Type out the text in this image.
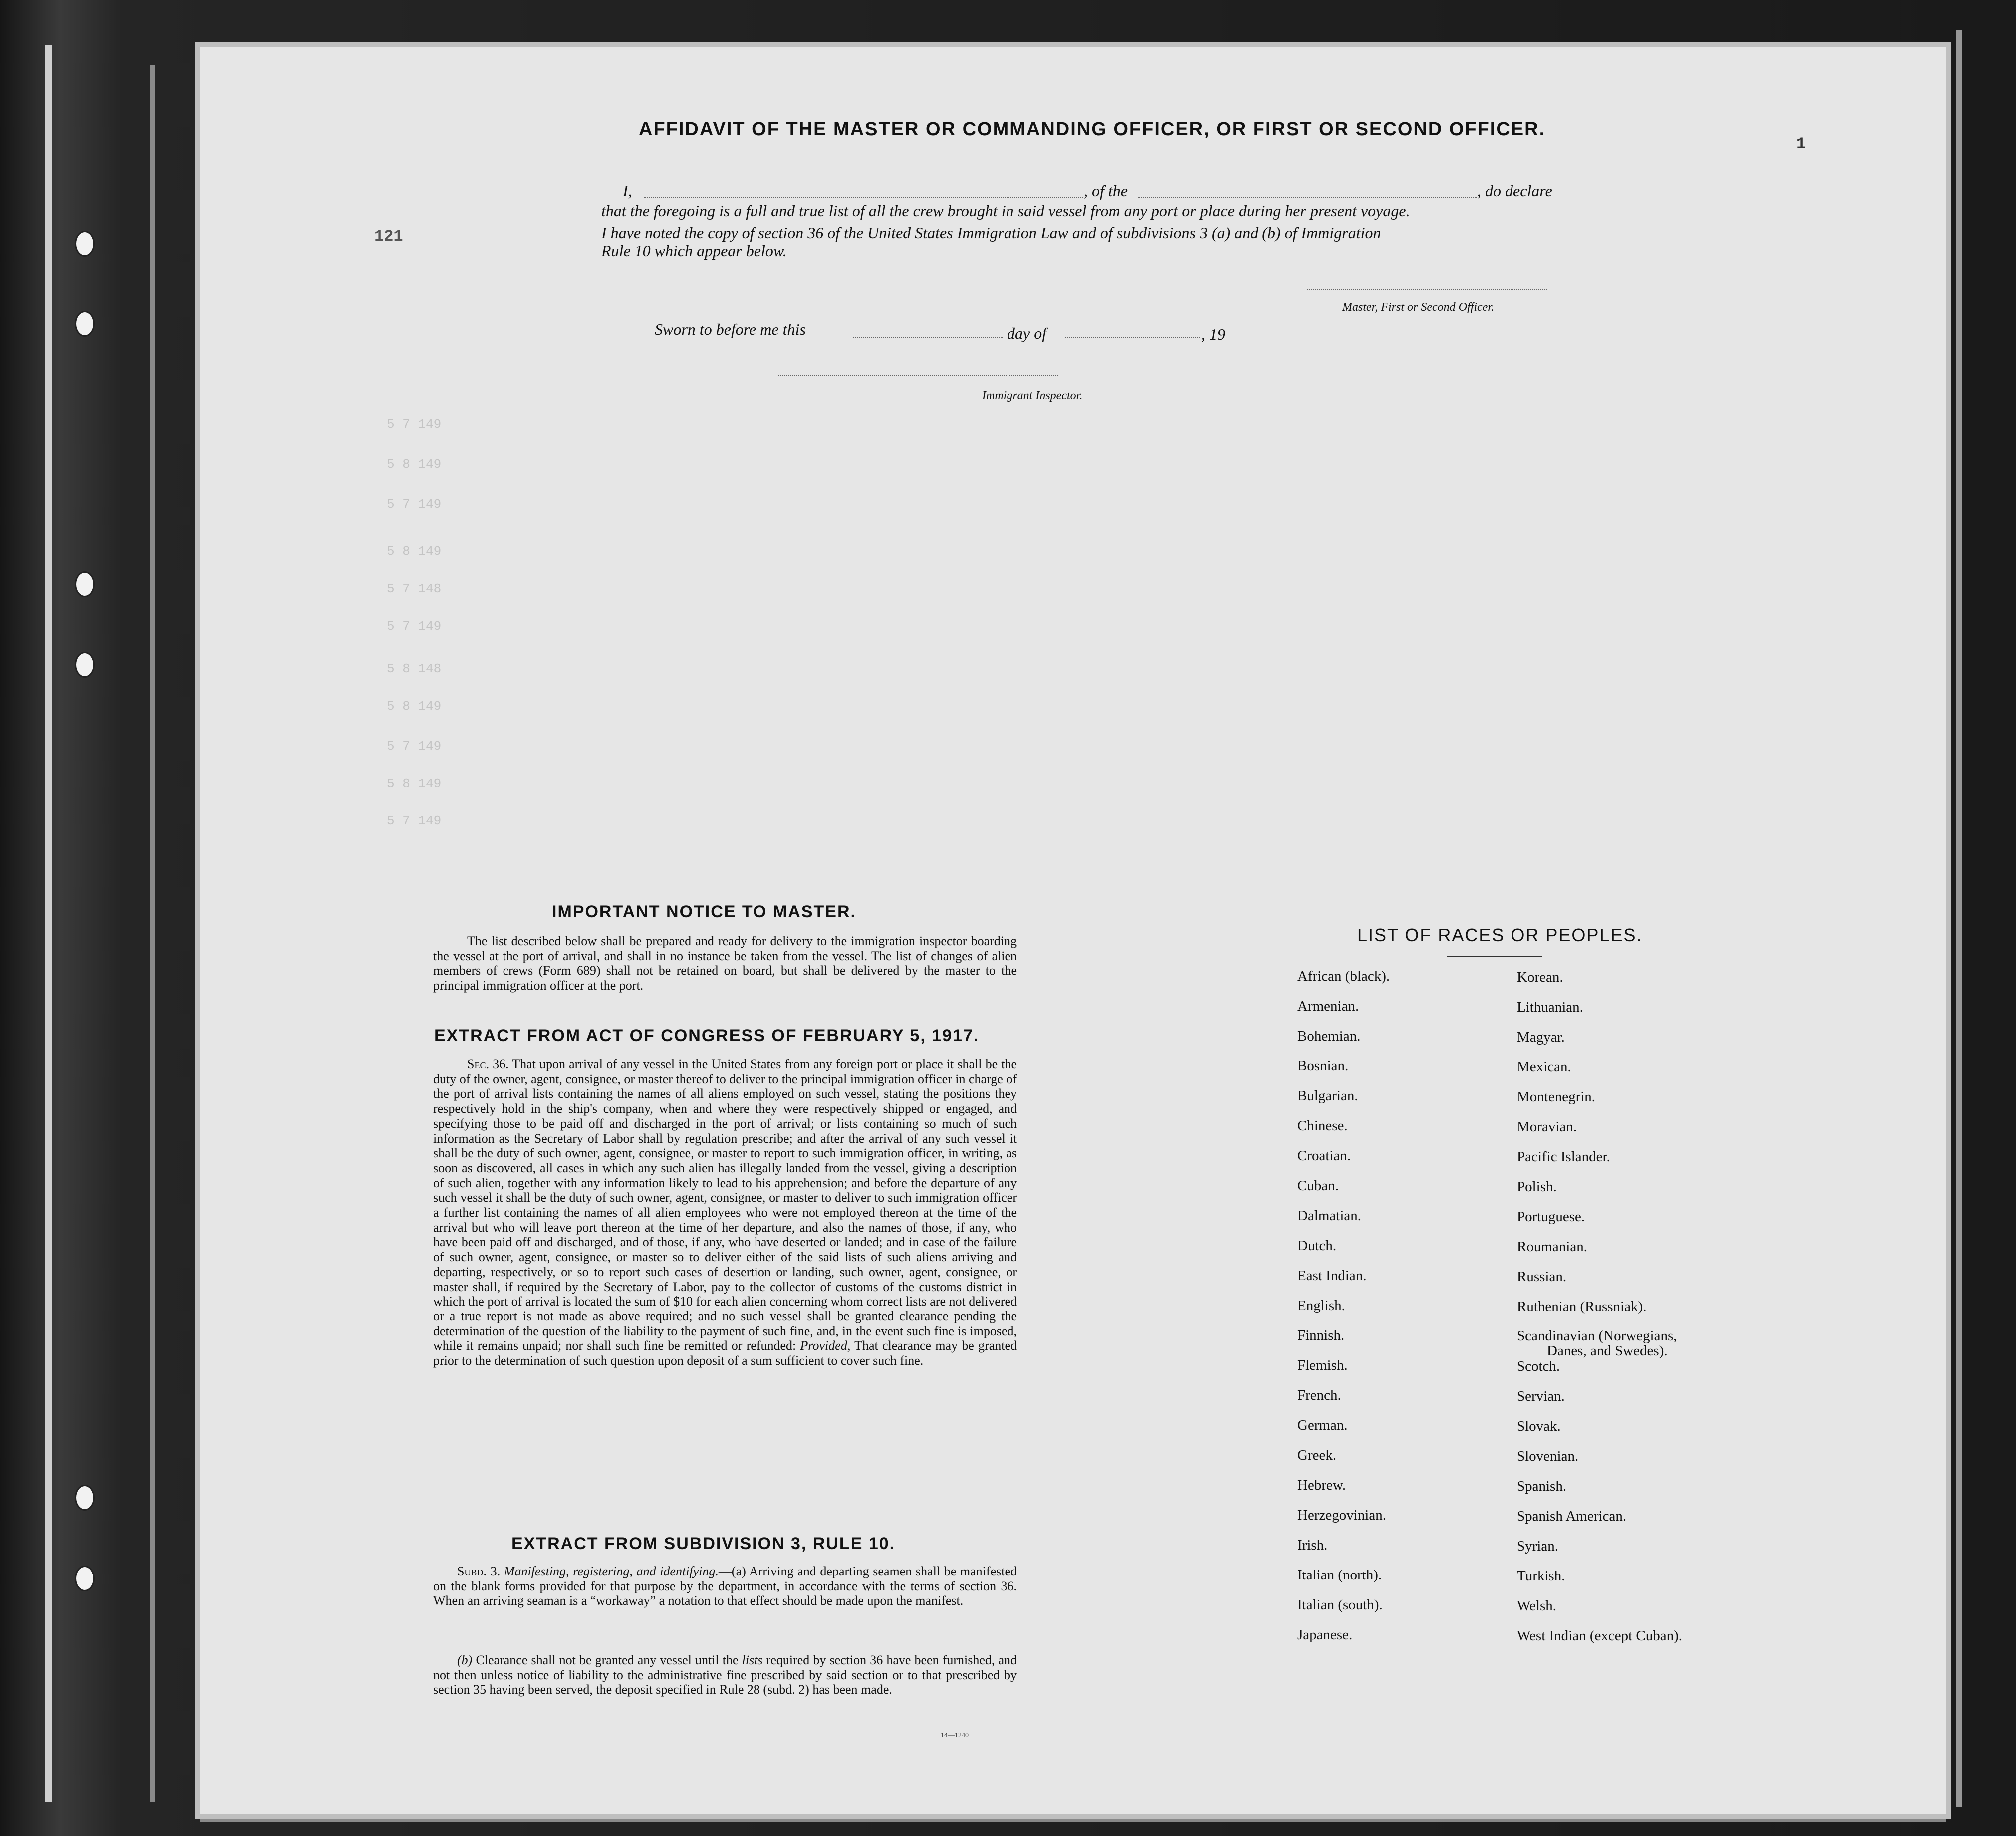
5 7 149
5 8 149
5 7 149
5 8 149
5 7 148
5 7 149
5 8 148
5 8 149
5 7 149
5 8 149
5 7 149
AFFIDAVIT OF THE MASTER OR COMMANDING OFFICER, OR FIRST OR SECOND OFFICER.
1
121
I,	, of the	, do declare
that the foregoing is a full and true list of all the crew brought in said vessel from any port or place during her present voyage.
I have noted the copy of section 36 of the United States Immigration Law and of subdivisions 3 (a) and (b) of Immigration
Rule 10 which appear below.
Master, First or Second Officer.
Sworn to before me this	day of	, 19
Immigrant Inspector.
IMPORTANT NOTICE TO MASTER.

The list described below shall be prepared and ready for delivery to the immigration inspector boarding the vessel at the port of arrival, and shall in no instance be taken from the vessel. The list of changes of alien members of crews (Form 689) shall not be retained on board, but shall be delivered by the master to the principal immigration officer at the port.

EXTRACT FROM ACT OF CONGRESS OF FEBRUARY 5, 1917.

Sec. 36. That upon arrival of any vessel in the United States from any foreign port or place it shall be the duty of the owner, agent, consignee, or master thereof to deliver to the principal immigration officer in charge of the port of arrival lists containing the names of all aliens employed on such vessel, stating the positions they respectively hold in the ship's company, when and where they were respectively shipped or engaged, and specifying those to be paid off and discharged in the port of arrival; or lists containing so much of such information as the Secretary of Labor shall by regulation prescribe; and after the arrival of any such vessel it shall be the duty of such owner, agent, consignee, or master to report to such immigration officer, in writing, as soon as discovered, all cases in which any such alien has illegally landed from the vessel, giving a description of such alien, together with any information likely to lead to his apprehension; and before the departure of any such vessel it shall be the duty of such owner, agent, consignee, or master to deliver to such immigration officer a further list containing the names of all alien employees who were not employed thereon at the time of the arrival but who will leave port thereon at the time of her departure, and also the names of those, if any, who have been paid off and discharged, and of those, if any, who have deserted or landed; and in case of the failure of such owner, agent, consignee, or master so to deliver either of the said lists of such aliens arriving and departing, respectively, or so to report such cases of desertion or landing, such owner, agent, consignee, or master shall, if required by the Secretary of Labor, pay to the collector of customs of the customs district in which the port of arrival is located the sum of $10 for each alien concerning whom correct lists are not delivered or a true report is not made as above required; and no such vessel shall be granted clearance pending the determination of the question of the liability to the payment of such fine, and, in the event such fine is imposed, while it remains unpaid; nor shall such fine be remitted or refunded: Provided, That clearance may be granted prior to the determination of such question upon deposit of a sum sufficient to cover such fine.

EXTRACT FROM SUBDIVISION 3, RULE 10.

Subd. 3. Manifesting, registering, and identifying.—(a) Arriving and departing seamen shall be manifested on the blank forms provided for that purpose by the department, in accordance with the terms of section 36. When an arriving seaman is a “workaway” a notation to that effect should be made upon the manifest.

(b) Clearance shall not be granted any vessel until the lists required by section 36 have been furnished, and not then unless notice of liability to the administrative fine prescribed by said section or to that prescribed by section 35 having been served, the deposit specified in Rule 28 (subd. 2) has been made.

14—1240
LIST OF RACES OR PEOPLES.
African (black).
Armenian.
Bohemian.
Bosnian.
Bulgarian.
Chinese.
Croatian.
Cuban.
Dalmatian.
Dutch.
East Indian.
English.
Finnish.
Flemish.
French.
German.
Greek.
Hebrew.
Herzegovinian.
Irish.
Italian (north).
Italian (south).
Japanese.
Korean.
Lithuanian.
Magyar.
Mexican.
Montenegrin.
Moravian.
Pacific Islander.
Polish.
Portuguese.
Roumanian.
Russian.
Ruthenian (Russniak).
Scandinavian (Norwegians,
Danes, and Swedes).
Scotch.
Servian.
Slovak.
Slovenian.
Spanish.
Spanish American.
Syrian.
Turkish.
Welsh.
West Indian (except Cuban).
